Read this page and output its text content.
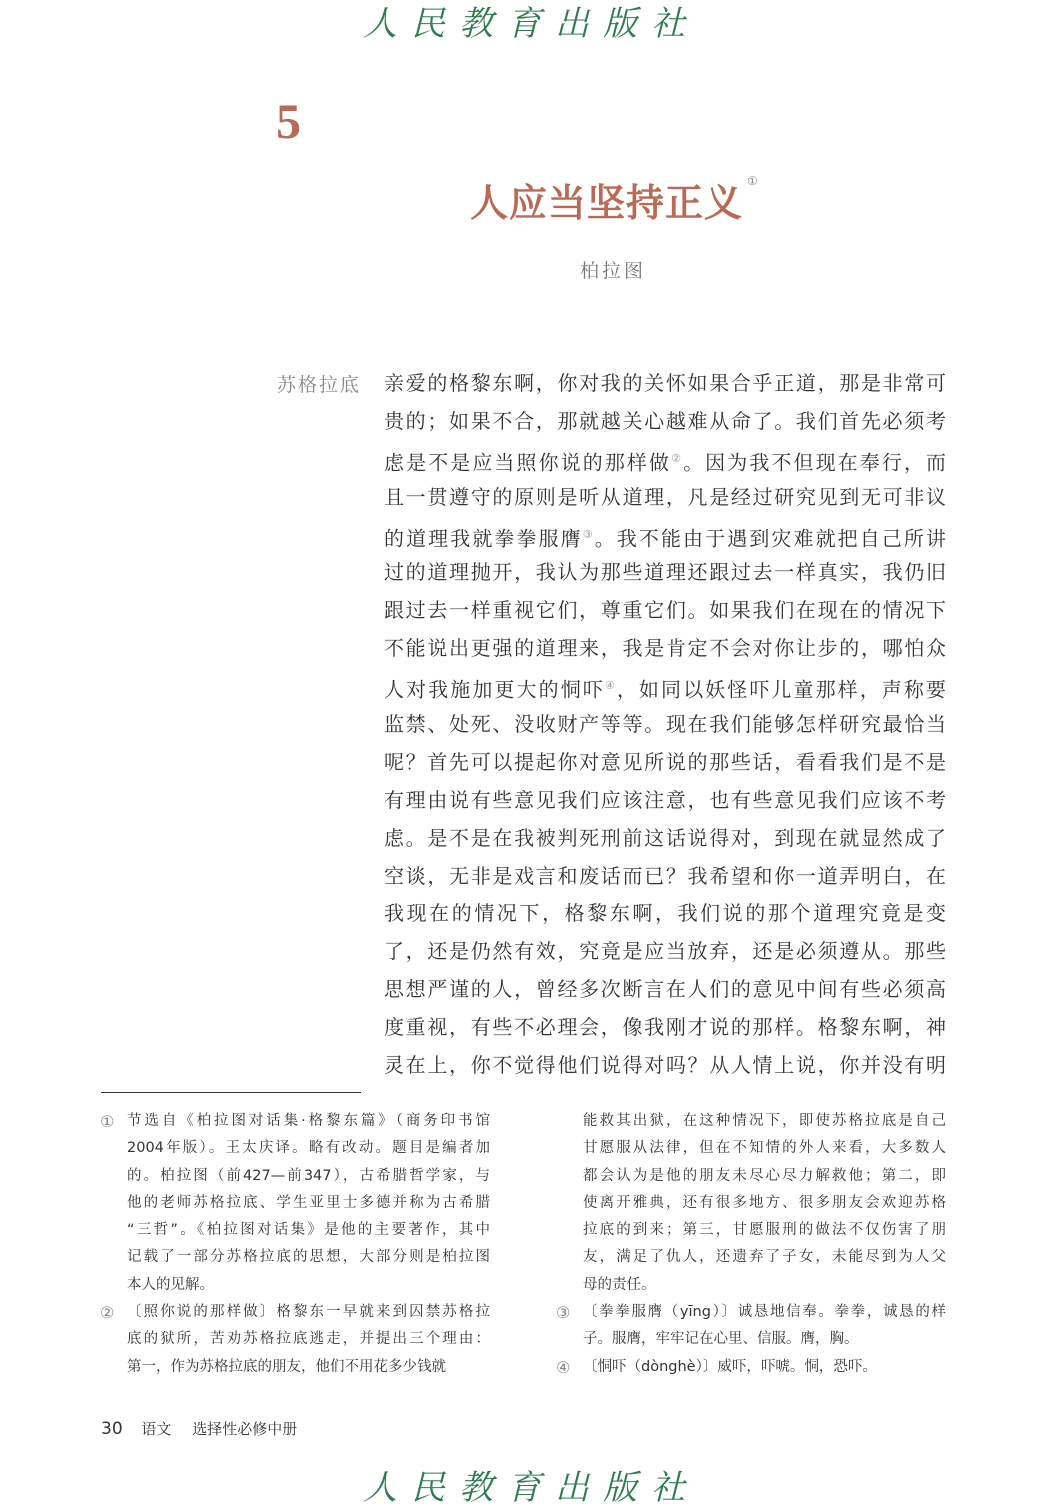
人民教育出版社
5
人应当坚持正义 ①
柏拉图
苏格拉底 亲爱的格黎东啊，你对我的关怀如果合乎正道，那是非常可
贵的；如果不合，那就越关心越难从命了。我们首先必须考
虑是不是应当照你说的那样做②。因为我不但现在奉行，而
且一贯遵守的原则是听从道理，凡是经过研究见到无可非议
的道理我就拳拳服膺③。我不能由于遇到灾难就把自己所讲
过的道理抛开，我认为那些道理还跟过去一样真实，我仍旧
跟过去一样重视它们，尊重它们。如果我们在现在的情况下
不能说出更强的道理来，我是肯定不会对你让步的，哪怕众
人对我施加更大的恫吓④，如同以妖怪吓儿童那样，声称要
监禁、处死、没收财产等等。现在我们能够怎样研究最恰当
呢？首先可以提起你对意见所说的那些话，看看我们是不是
有理由说有些意见我们应该注意，也有些意见我们应该不考
虑。是不是在我被判死刑前这话说得对，到现在就显然成了
空谈，无非是戏言和废话而已？我希望和你一道弄明白，在
我现在的情况下，格黎东啊，我们说的那个道理究竟是变
了，还是仍然有效，究竟是应当放弃，还是必须遵从。那些
思想严谨的人，曾经多次断言在人们的意见中间有些必须高
度重视，有些不必理会，像我刚才说的那样。格黎东啊，神
灵在上，你不觉得他们说得对吗？从人情上说，你并没有明
① 节选自《柏拉图对话集·格黎东篇》（商务印书馆
2004年版）。王太庆译。略有改动。题目是编者加
的。柏拉图（前427—前347），古希腊哲学家，与
他的老师苏格拉底、学生亚里士多德并称为古希腊
“三哲”。《柏拉图对话集》是他的主要著作，其中
记载了一部分苏格拉底的思想，大部分则是柏拉图
本人的见解。
② 〔照你说的那样做〕格黎东一早就来到囚禁苏格拉
底的狱所，苦劝苏格拉底逃走，并提出三个理由：
第一，作为苏格拉底的朋友，他们不用花多少钱就
能救其出狱，在这种情况下，即使苏格拉底是自己
甘愿服从法律，但在不知情的外人来看，大多数人
都会认为是他的朋友未尽心尽力解救他；第二，即
使离开雅典，还有很多地方、很多朋友会欢迎苏格
拉底的到来；第三，甘愿服刑的做法不仅伤害了朋
友，满足了仇人，还遗弃了子女，未能尽到为人父
母的责任。
③ 〔拳拳服膺（yīng）〕诚恳地信奉。拳拳，诚恳的样
子。服膺，牢牢记在心里、信服。膺，胸。
④ 〔恫吓（dònghè）〕威吓，吓唬。恫，恐吓。
30 语文 选择性必修中册
人民教育出版社
